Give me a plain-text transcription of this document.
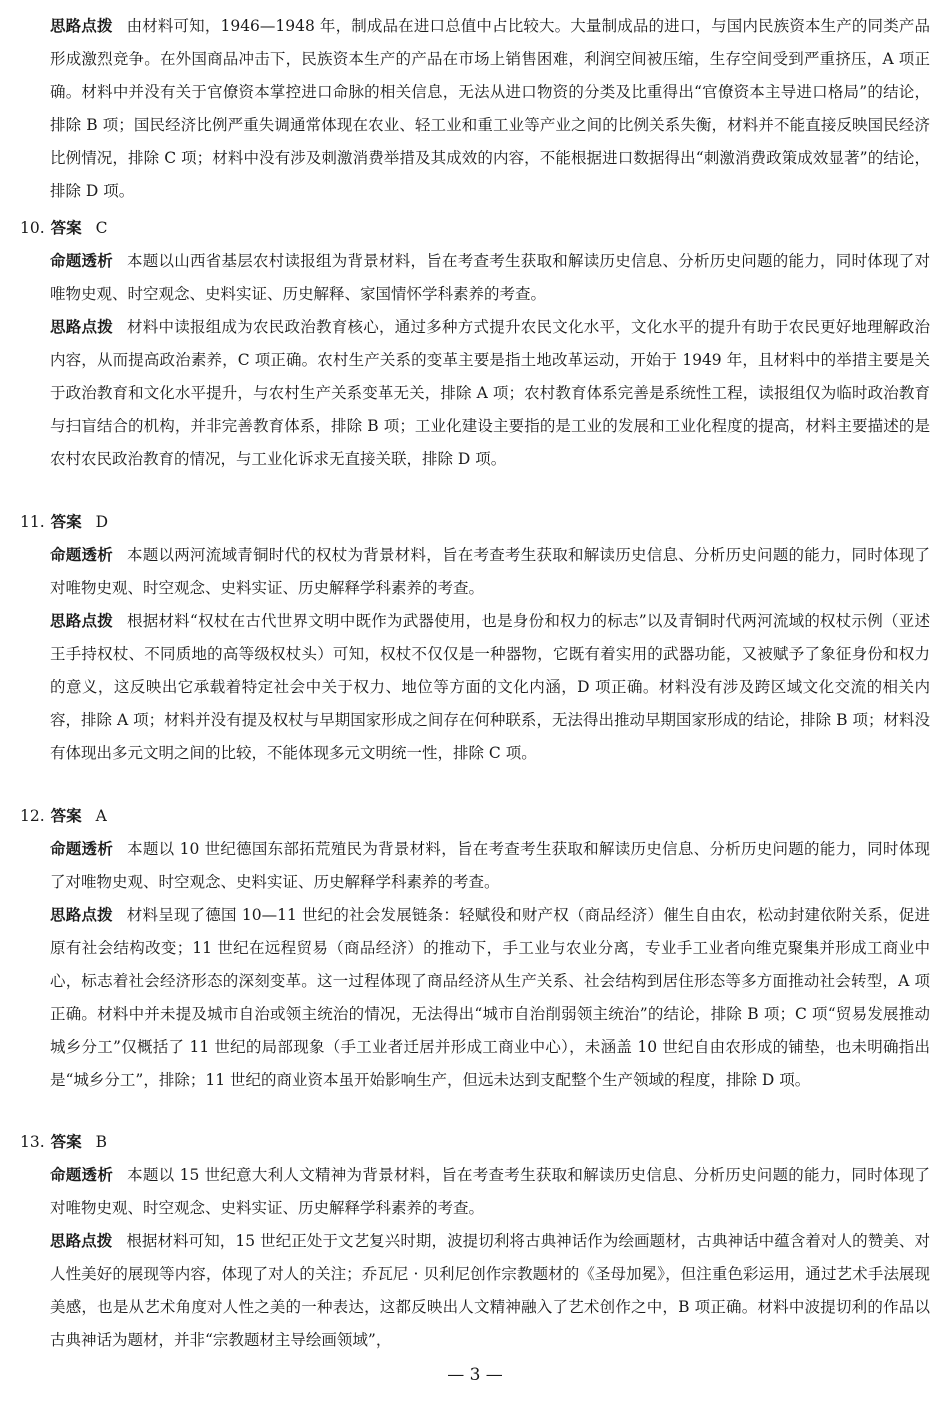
思路点拨 由材料可知，1946—1948 年，制成品在进口总值中占比较大。大量制成品的进口，与国内民族资本生产的同类产品形成激烈竞争。在外国商品冲击下，民族资本生产的产品在市场上销售困难，利润空间被压缩，生存空间受到严重挤压，A 项正确。材料中并没有关于官僚资本掌控进口命脉的相关信息，无法从进口物资的分类及比重得出“官僚资本主导进口格局”的结论，排除 B 项；国民经济比例严重失调通常体现在农业、轻工业和重工业等产业之间的比例关系失衡，材料并不能直接反映国民经济比例情况，排除 C 项；材料中没有涉及刺激消费举措及其成效的内容，不能根据进口数据得出“刺激消费政策成效显著”的结论，排除 D 项。

10. 答案 C

命题透析 本题以山西省基层农村读报组为背景材料，旨在考查考生获取和解读历史信息、分析历史问题的能力，同时体现了对唯物史观、时空观念、史料实证、历史解释、家国情怀学科素养的考查。

思路点拨 材料中读报组成为农民政治教育核心，通过多种方式提升农民文化水平，文化水平的提升有助于农民更好地理解政治内容，从而提高政治素养，C 项正确。农村生产关系的变革主要是指土地改革运动，开始于 1949 年，且材料中的举措主要是关于政治教育和文化水平提升，与农村生产关系变革无关，排除 A 项；农村教育体系完善是系统性工程，读报组仅为临时政治教育与扫盲结合的机构，并非完善教育体系，排除 B 项；工业化建设主要指的是工业的发展和工业化程度的提高，材料主要描述的是农村农民政治教育的情况，与工业化诉求无直接关联，排除 D 项。

11. 答案 D

命题透析 本题以两河流域青铜时代的权杖为背景材料，旨在考查考生获取和解读历史信息、分析历史问题的能力，同时体现了对唯物史观、时空观念、史料实证、历史解释学科素养的考查。

思路点拨 根据材料“权杖在古代世界文明中既作为武器使用，也是身份和权力的标志”以及青铜时代两河流域的权杖示例（亚述王手持权杖、不同质地的高等级权杖头）可知，权杖不仅仅是一种器物，它既有着实用的武器功能，又被赋予了象征身份和权力的意义，这反映出它承载着特定社会中关于权力、地位等方面的文化内涵，D 项正确。材料没有涉及跨区域文化交流的相关内容，排除 A 项；材料并没有提及权杖与早期国家形成之间存在何种联系，无法得出推动早期国家形成的结论，排除 B 项；材料没有体现出多元文明之间的比较，不能体现多元文明统一性，排除 C 项。

12. 答案 A

命题透析 本题以 10 世纪德国东部拓荒殖民为背景材料，旨在考查考生获取和解读历史信息、分析历史问题的能力，同时体现了对唯物史观、时空观念、史料实证、历史解释学科素养的考查。

思路点拨 材料呈现了德国 10—11 世纪的社会发展链条：轻赋役和财产权（商品经济）催生自由农，松动封建依附关系，促进原有社会结构改变；11 世纪在远程贸易（商品经济）的推动下，手工业与农业分离，专业手工业者向维克聚集并形成工商业中心，标志着社会经济形态的深刻变革。这一过程体现了商品经济从生产关系、社会结构到居住形态等多方面推动社会转型，A 项正确。材料中并未提及城市自治或领主统治的情况，无法得出“城市自治削弱领主统治”的结论，排除 B 项；C 项“贸易发展推动城乡分工”仅概括了 11 世纪的局部现象（手工业者迁居并形成工商业中心），未涵盖 10 世纪自由农形成的铺垫，也未明确指出是“城乡分工”，排除；11 世纪的商业资本虽开始影响生产，但远未达到支配整个生产领域的程度，排除 D 项。

13. 答案 B

命题透析 本题以 15 世纪意大利人文精神为背景材料，旨在考查考生获取和解读历史信息、分析历史问题的能力，同时体现了对唯物史观、时空观念、史料实证、历史解释学科素养的考查。

思路点拨 根据材料可知，15 世纪正处于文艺复兴时期，波提切利将古典神话作为绘画题材，古典神话中蕴含着对人的赞美、对人性美好的展现等内容，体现了对人的关注；乔瓦尼 · 贝利尼创作宗教题材的《圣母加冕》，但注重色彩运用，通过艺术手法展现美感，也是从艺术角度对人性之美的一种表达，这都反映出人文精神融入了艺术创作之中，B 项正确。材料中波提切利的作品以古典神话为题材，并非“宗教题材主导绘画领域”，

— 3 —
